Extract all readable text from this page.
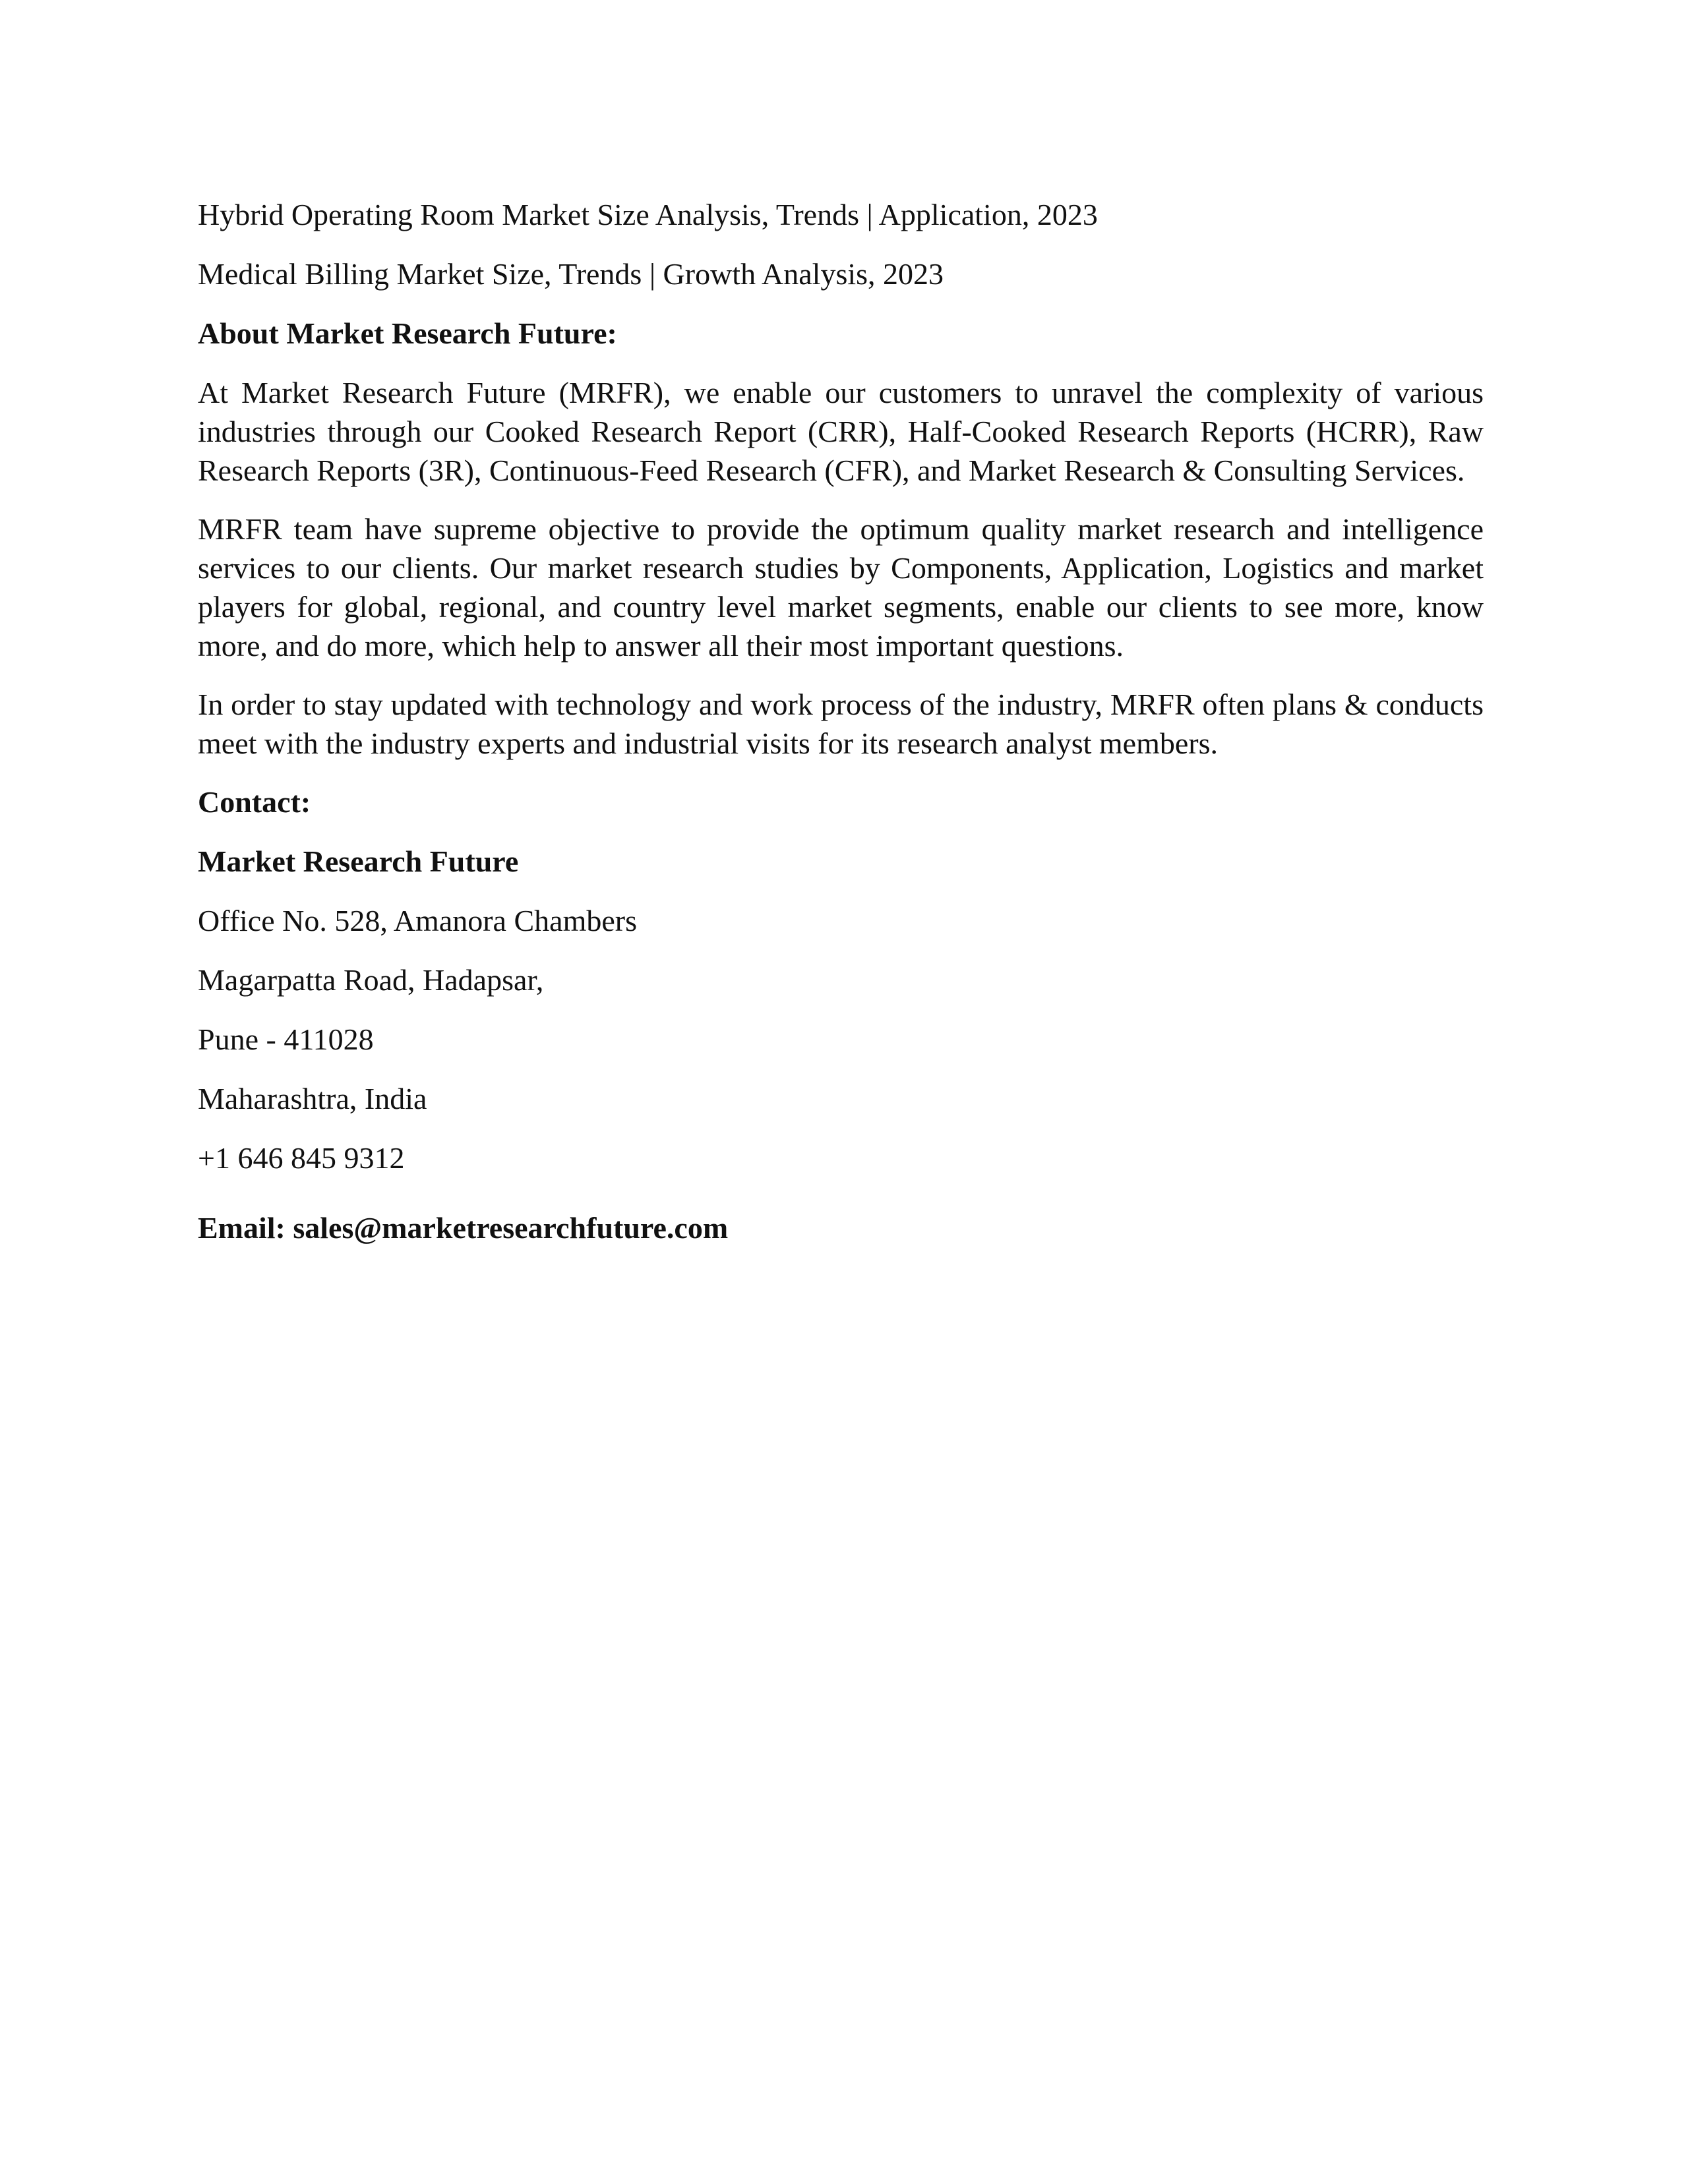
Hybrid Operating Room Market Size Analysis, Trends | Application, 2023

Medical Billing Market Size, Trends | Growth Analysis, 2023

About Market Research Future:

At Market Research Future (MRFR), we enable our customers to unravel the complexity of various industries through our Cooked Research Report (CRR), Half-Cooked Research Reports (HCRR), Raw Research Reports (3R), Continuous-Feed Research (CFR), and Market Research & Consulting Services.

MRFR team have supreme objective to provide the optimum quality market research and intelligence services to our clients. Our market research studies by Components, Application, Logistics and market players for global, regional, and country level market segments, enable our clients to see more, know more, and do more, which help to answer all their most important questions.

In order to stay updated with technology and work process of the industry, MRFR often plans & conducts meet with the industry experts and industrial visits for its research analyst members.

Contact:

Market Research Future

Office No. 528, Amanora Chambers

Magarpatta Road, Hadapsar,

Pune - 411028

Maharashtra, India

+1 646 845 9312

Email: sales@marketresearchfuture.com
